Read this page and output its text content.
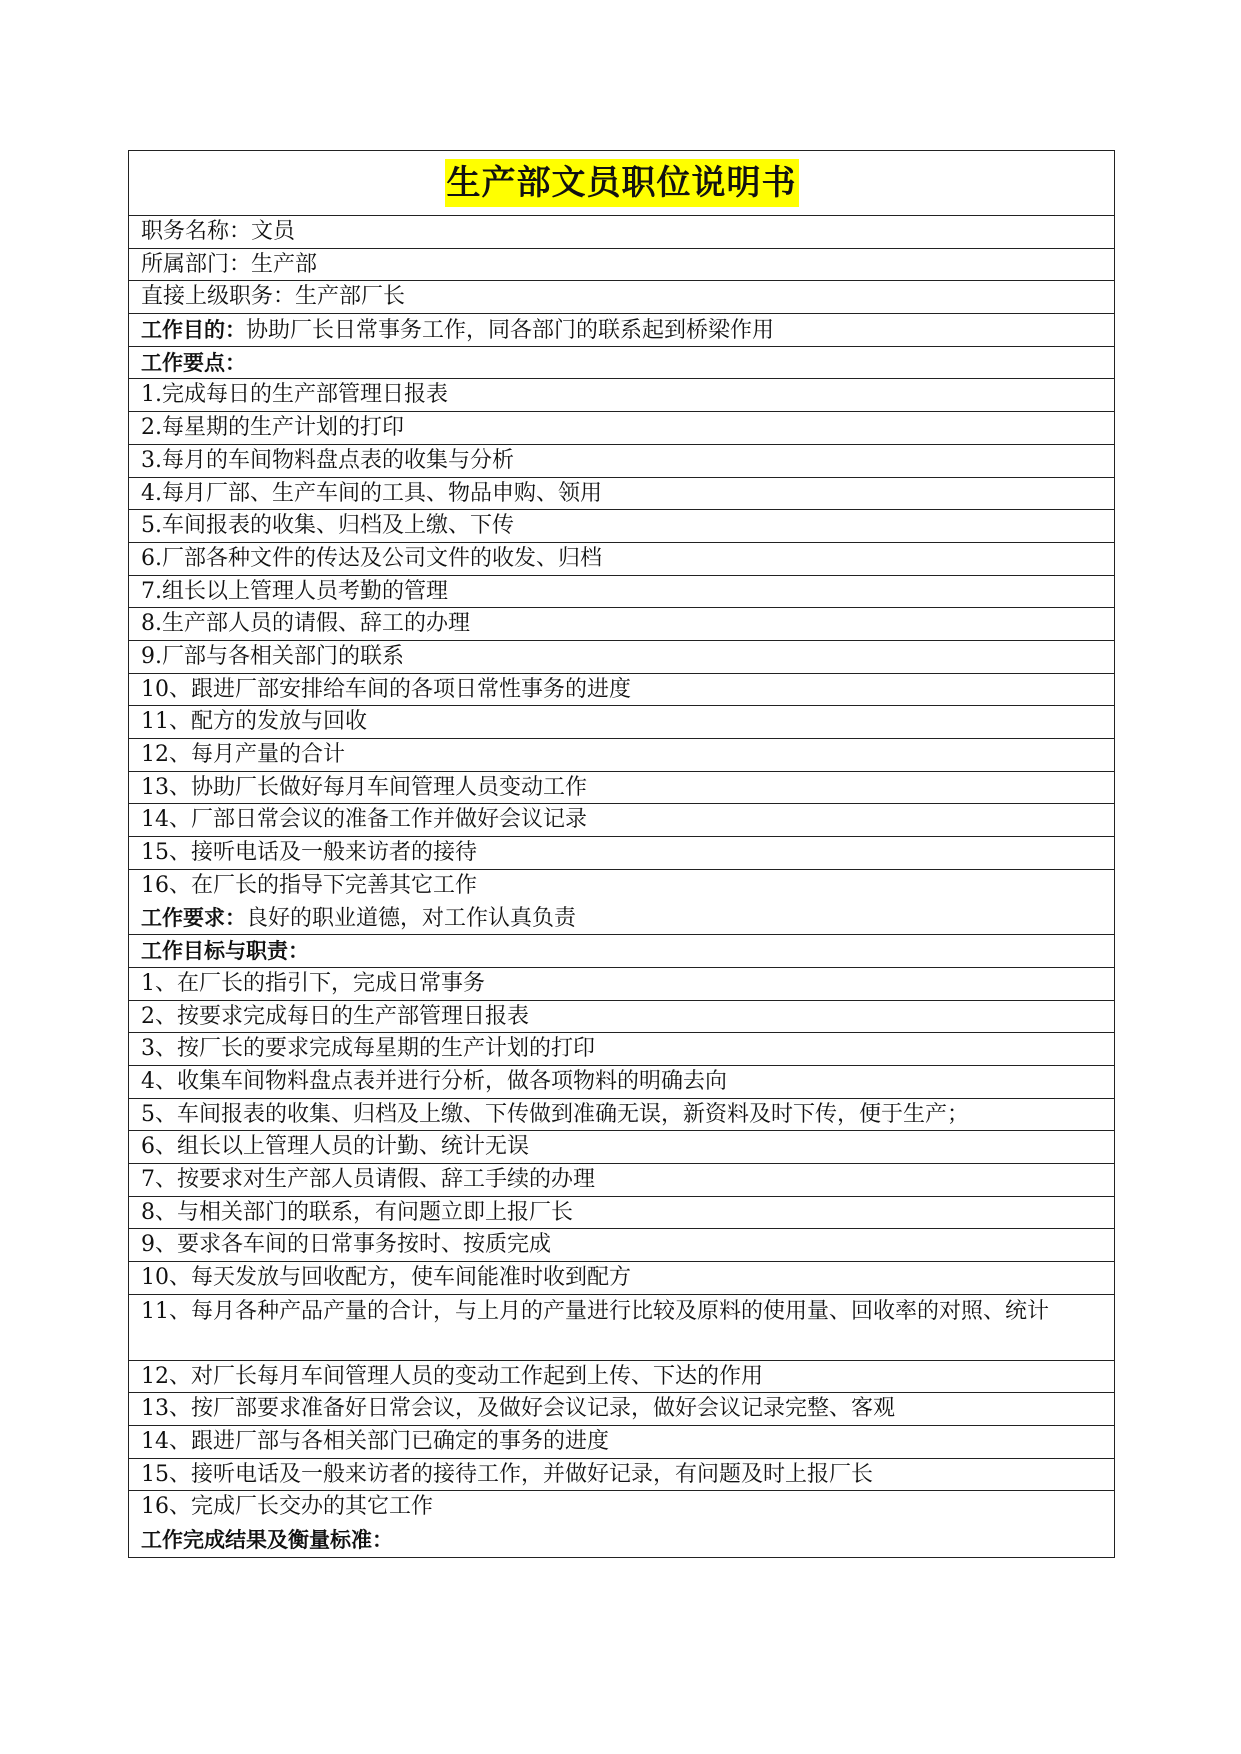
生产部文员职位说明书
职务名称：文员
所属部门：生产部
直接上级职务：生产部厂长
工作目的：协助厂长日常事务工作，同各部门的联系起到桥梁作用
工作要点：
1.完成每日的生产部管理日报表
2.每星期的生产计划的打印
3.每月的车间物料盘点表的收集与分析
4.每月厂部、生产车间的工具、物品申购、领用
5.车间报表的收集、归档及上缴、下传
6.厂部各种文件的传达及公司文件的收发、归档
7.组长以上管理人员考勤的管理
8.生产部人员的请假、辞工的办理
9.厂部与各相关部门的联系
10、跟进厂部安排给车间的各项日常性事务的进度
11、配方的发放与回收
12、每月产量的合计
13、协助厂长做好每月车间管理人员变动工作
14、厂部日常会议的准备工作并做好会议记录
15、接听电话及一般来访者的接待
16、在厂长的指导下完善其它工作
工作要求：良好的职业道德，对工作认真负责
工作目标与职责：
1、在厂长的指引下，完成日常事务
2、按要求完成每日的生产部管理日报表
3、按厂长的要求完成每星期的生产计划的打印
4、收集车间物料盘点表并进行分析，做各项物料的明确去向
5、车间报表的收集、归档及上缴、下传做到准确无误，新资料及时下传，便于生产；
6、组长以上管理人员的计勤、统计无误
7、按要求对生产部人员请假、辞工手续的办理
8、与相关部门的联系，有问题立即上报厂长
9、要求各车间的日常事务按时、按质完成
10、每天发放与回收配方，使车间能准时收到配方
11、每月各种产品产量的合计，与上月的产量进行比较及原料的使用量、回收率的对照、统计
12、对厂长每月车间管理人员的变动工作起到上传、下达的作用
13、按厂部要求准备好日常会议，及做好会议记录，做好会议记录完整、客观
14、跟进厂部与各相关部门已确定的事务的进度
15、接听电话及一般来访者的接待工作，并做好记录，有问题及时上报厂长
16、完成厂长交办的其它工作
工作完成结果及衡量标准：
